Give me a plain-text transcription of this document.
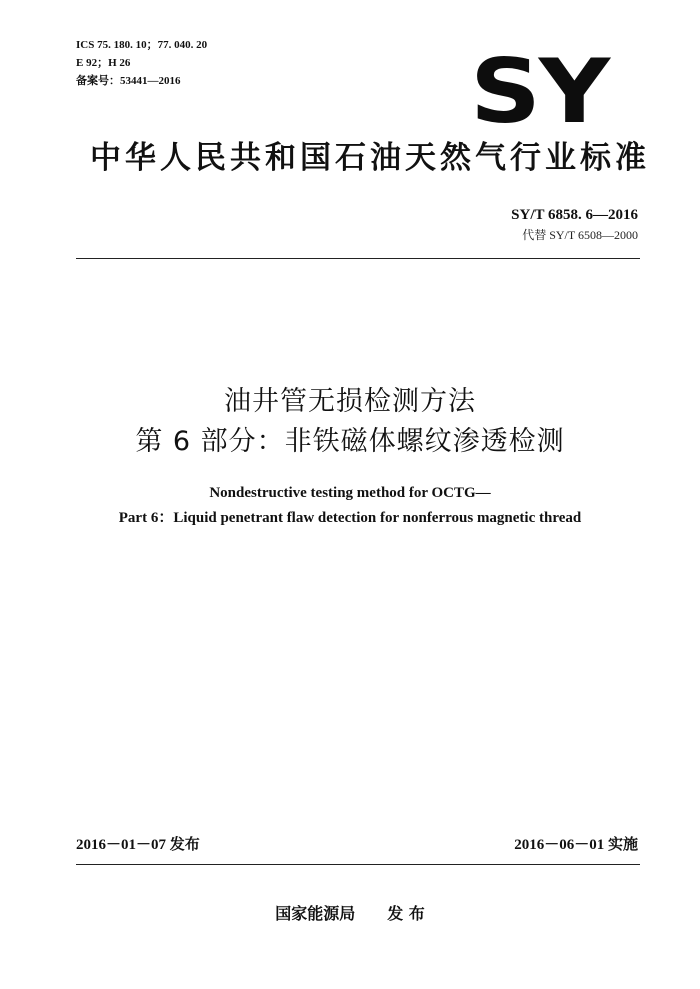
ICS 75. 180. 10；77. 040. 20
E 92；H 26
备案号：53441—2016	SY
中华人民共和国石油天然气行业标准
SY/T 6858. 6—2016
代替 SY/T 6508—2000
油井管无损检测方法
第 6 部分：非铁磁体螺纹渗透检测
Nondestructive testing method for OCTG—
Part 6：Liquid penetrant flaw detection for nonferrous magnetic thread
2016－01－07 发布	2016－06－01 实施
国家能源局　　发 布
